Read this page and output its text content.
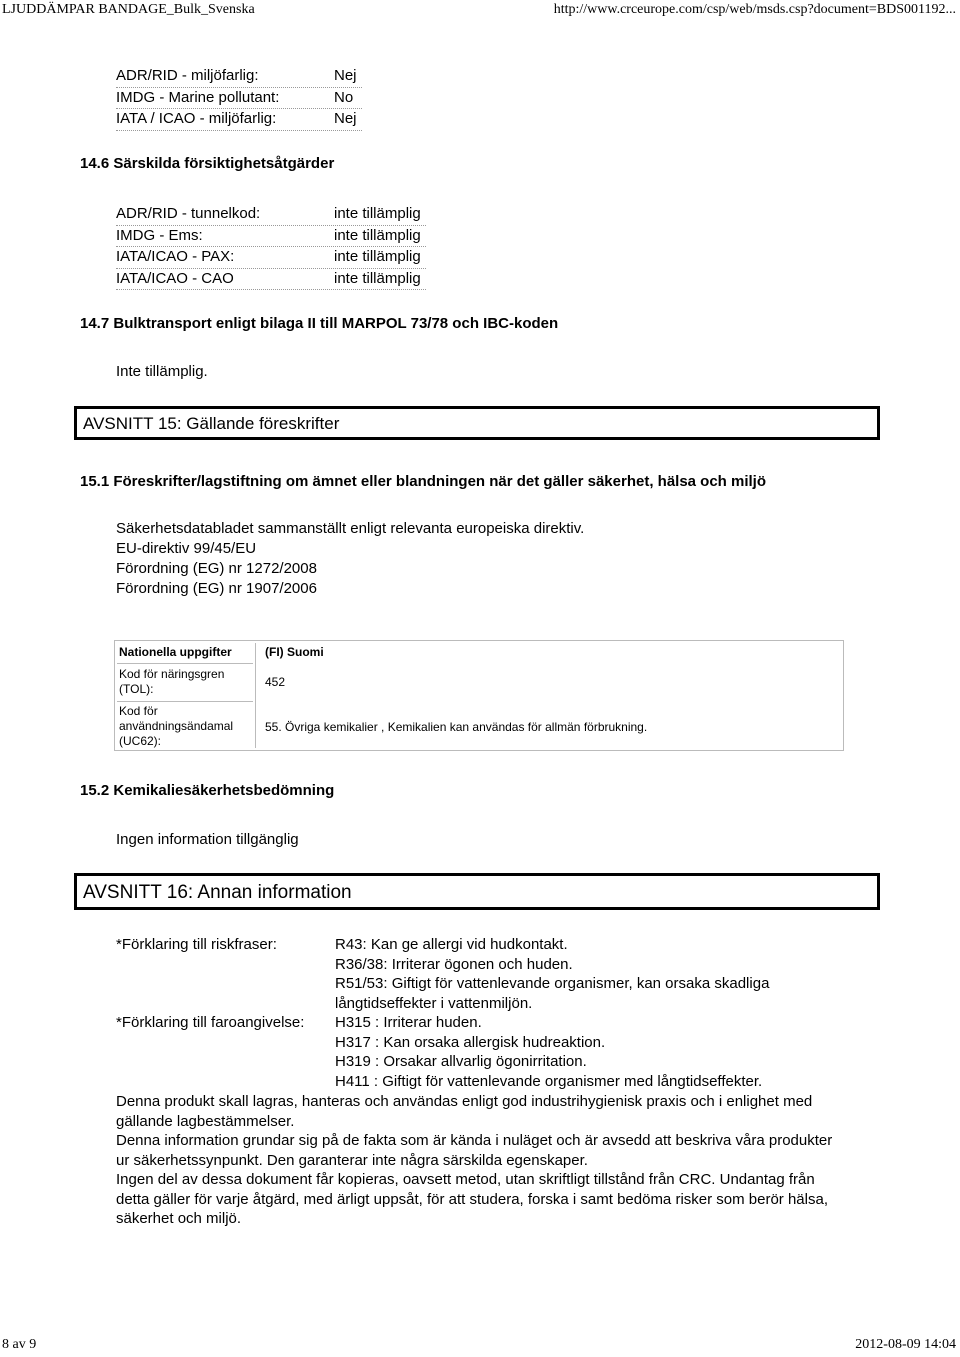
LJUDDÄMPAR BANDAGE_Bulk_Svenska	http://www.crceurope.com/csp/web/msds.csp?document=BDS001192...
ADR/RID - miljöfarlig:	Nej
IMDG - Marine pollutant:	No
IATA / ICAO - miljöfarlig:	Nej
14.6 Särskilda försiktighetsåtgärder
ADR/RID - tunnelkod:	inte tillämplig
IMDG - Ems:	inte tillämplig
IATA/ICAO - PAX:	inte tillämplig
IATA/ICAO - CAO	inte tillämplig
14.7 Bulktransport enligt bilaga II till MARPOL 73/78 och IBC-koden
Inte tillämplig.
AVSNITT 15: Gällande föreskrifter
15.1 Föreskrifter/lagstiftning om ämnet eller blandningen när det gäller säkerhet, hälsa och miljö
Säkerhetsdatabladet sammanställt enligt relevanta europeiska direktiv.
EU-direktiv 99/45/EU
Förordning (EG) nr 1272/2008
Förordning (EG) nr 1907/2006
Nationella uppgifter	(FI) Suomi
Kod för näringsgren (TOL):	452
Kod för användningsändamal (UC62):
55. Övriga kemikalier , Kemikalien kan användas för allmän förbrukning.
15.2 Kemikaliesäkerhetsbedömning
Ingen information tillgänglig
AVSNITT 16: Annan information
*Förklaring till riskfraser:	R43: Kan ge allergi vid hudkontakt.
R36/38: Irriterar ögonen och huden.
R51/53: Giftigt för vattenlevande organismer, kan orsaka skadliga långtidseffekter i vattenmiljön.
*Förklaring till faroangivelse: H315 : Irriterar huden.
H317 : Kan orsaka allergisk hudreaktion.
H319 : Orsakar allvarlig ögonirritation.
H411 : Giftigt för vattenlevande organismer med långtidseffekter.
Denna produkt skall lagras, hanteras och användas enligt god industrihygienisk praxis och i enlighet med gällande lagbestämmelser.
Denna information grundar sig på de fakta som är kända i nuläget och är avsedd att beskriva våra produkter ur säkerhetssynpunkt. Den garanterar inte några särskilda egenskaper.
Ingen del av dessa dokument får kopieras, oavsett metod, utan skriftligt tillstånd från CRC. Undantag från detta gäller för varje åtgärd, med ärligt uppsåt, för att studera, forska i samt bedöma risker som berör hälsa, säkerhet och miljö.
8 av 9	2012-08-09 14:04
